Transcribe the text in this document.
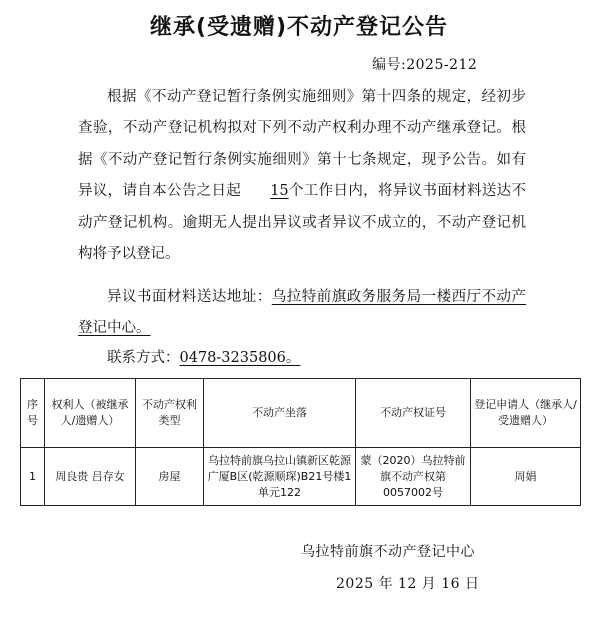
继承(受遗赠)不动产登记公告
编号:2025-212

根据《不动产登记暂行条例实施细则》第十四条的规定，经初步查验，不动产登记机构拟对下列不动产权利办理不动产继承登记。根据《不动产登记暂行条例实施细则》第十七条规定，现予公告。如有异议，请自本公告之日起 15个工作日内，将异议书面材料送达不动产登记机构。逾期无人提出异议或者异议不成立的，不动产登记机构将予以登记。

异议书面材料送达地址：乌拉特前旗政务服务局一楼西厅不动产登记中心。

联系方式：0478-3235806。
序号	权利人（被继承人/遗赠人）	不动产权利类型	不动产坐落	不动产权证号	登记申请人（继承人/受遗赠人）
1	周良贵 吕存女	房屋	乌拉特前旗乌拉山镇新区乾源广厦B区(乾源顺琛)B21号楼1单元122	蒙（2020）乌拉特前旗不动产权第0057002号	周娟
乌拉特前旗不动产登记中心
2025 年 12 月 16 日
